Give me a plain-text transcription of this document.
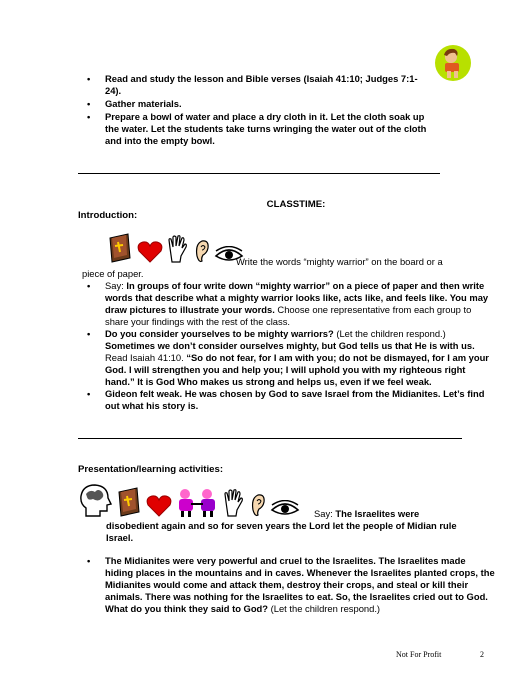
• Read and study the lesson and Bible verses (Isaiah 41:10; Judges 7:1-24).
• Gather materials.
• Prepare a bowl of water and place a dry cloth in it. Let the cloth soak up the water. Let the students take turns wringing the water out of the cloth and into the empty bowl.
CLASSTIME:
Introduction:
Write the words “mighty warrior” on the board or a
piece of paper.
• Say: In groups of four write down “mighty warrior” on a piece of paper and then write words that describe what a mighty warrior looks like, acts like, and feels like. You may draw pictures to illustrate your words. Choose one representative from each group to share your findings with the rest of the class.
• Do you consider yourselves to be mighty warriors? (Let the children respond.) Sometimes we don’t consider ourselves mighty, but God tells us that He is with us. Read Isaiah 41:10. “So do not fear, for I am with you; do not be dismayed, for I am your God. I will strengthen you and help you; I will uphold you with my righteous right hand.” It is God Who makes us strong and helps us, even if we feel weak.
• Gideon felt weak. He was chosen by God to save Israel from the Midianites. Let’s find out what his story is.
Presentation/learning activities:
Say: The Israelites were
disobedient again and so for seven years the Lord let the people of Midian rule Israel.
• The Midianites were very powerful and cruel to the Israelites. The Israelites made hiding places in the mountains and in caves. Whenever the Israelites planted crops, the Midianites would come and attack them, destroy their crops, and steal or kill their animals. There was nothing for the Israelites to eat. So, the Israelites cried out to God. What do you think they said to God? (Let the children respond.)
Not For Profit	2
